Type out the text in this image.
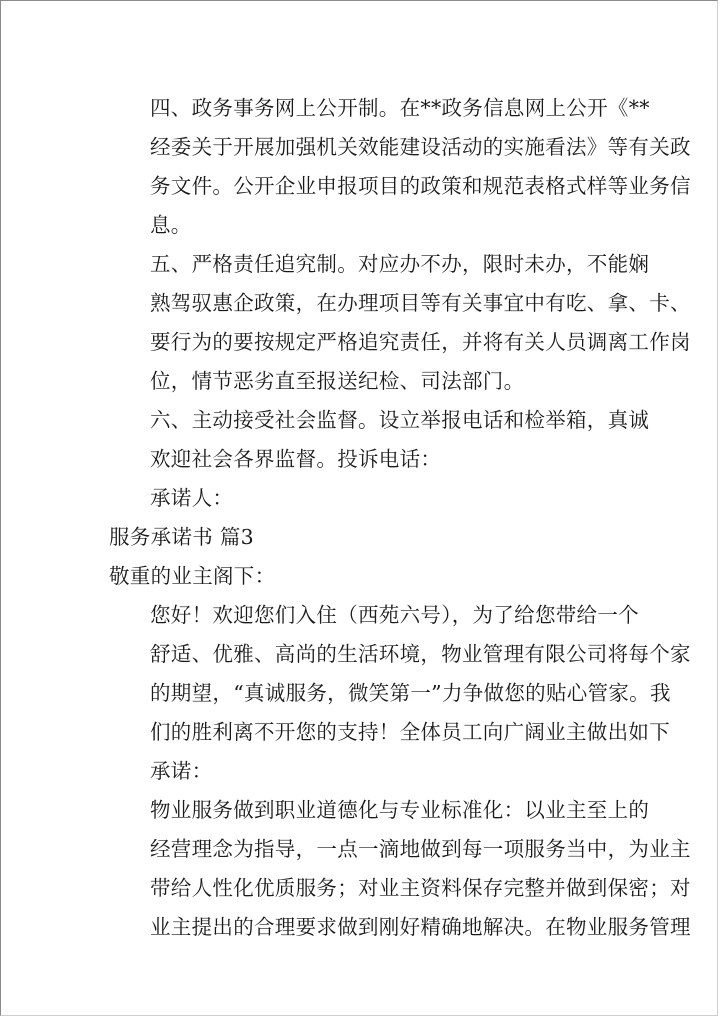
四、政务事务网上公开制。在**政务信息网上公开《**
经委关于开展加强机关效能建设活动的实施看法》等有关政
务文件。公开企业申报项目的政策和规范表格式样等业务信
息。

五、严格责任追究制。对应办不办，限时未办，不能娴
熟驾驭惠企政策，在办理项目等有关事宜中有吃、拿、卡、
要行为的要按规定严格追究责任，并将有关人员调离工作岗
位，情节恶劣直至报送纪检、司法部门。

六、主动接受社会监督。设立举报电话和检举箱，真诚
欢迎社会各界监督。投诉电话：

承诺人：

服务承诺书 篇3

敬重的业主阁下：

您好！欢迎您们入住（西苑六号），为了给您带给一个
舒适、优雅、高尚的生活环境，物业管理有限公司将每个家
的期望，“真诚服务，微笑第一”力争做您的贴心管家。我
们的胜利离不开您的支持！全体员工向广阔业主做出如下
承诺：

物业服务做到职业道德化与专业标准化：以业主至上的
经营理念为指导，一点一滴地做到每一项服务当中，为业主
带给人性化优质服务；对业主资料保存完整并做到保密；对
业主提出的合理要求做到刚好精确地解决。在物业服务管理
